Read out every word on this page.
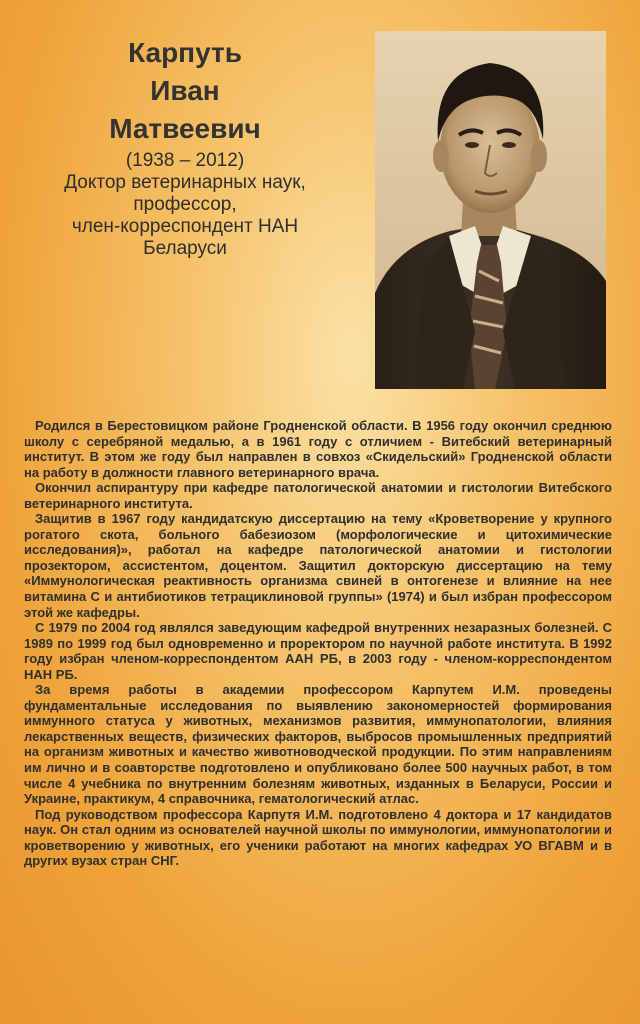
Карпуть
Иван
Матвеевич
(1938 – 2012)
Доктор ветеринарных наук,
профессор,
член-корреспондент НАН
Беларуси

Родился в Берестовицком районе Гродненской области. В 1956 году окончил среднюю школу с серебряной медалью, а в 1961 году с отличием - Витебский ветеринарный институт. В этом же году был направлен в совхоз «Скидельский» Гродненской области на работу в должности главного ветеринарного врача.

Окончил аспирантуру при кафедре патологической анатомии и гистологии Витебского ветеринарного института.

Защитив в 1967 году кандидатскую диссертацию на тему «Кроветворение у крупного рогатого скота, больного бабезиозом (морфологические и цитохимические исследования)», работал на кафедре патологической анатомии и гистологии прозектором, ассистентом, доцентом. Защитил докторскую диссертацию на тему «Иммунологическая реактивность организма свиней в онтогенезе и влияние на нее витамина С и антибиотиков тетрациклиновой группы» (1974) и был избран профессором этой же кафедры.

С 1979 по 2004 год являлся заведующим кафедрой внутренних незаразных болезней. С 1989 по 1999 год был одновременно и проректором по научной работе института. В 1992 году избран членом-корреспондентом ААН РБ, в 2003 году - членом-корреспондентом НАН РБ.

За время работы в академии профессором Карпутем И.М. проведены фундаментальные исследования по выявлению закономерностей формирования иммунного статуса у животных, механизмов развития, иммунопатологии, влияния лекарственных веществ, физических факторов, выбросов промышленных предприятий на организм животных и качество животноводческой продукции. По этим направлениям им лично и в соавторстве подготовлено и опубликовано более 500 научных работ, в том числе 4 учебника по внутренним болезням животных, изданных в Беларуси, России и Украине, практикум, 4 справочника, гематологический атлас.

Под руководством профессора Карпутя И.М. подготовлено 4 доктора и 17 кандидатов наук. Он стал одним из основателей научной школы по иммунологии, иммунопатологии и кроветворению у животных, его ученики работают на многих кафедрах УО ВГАВМ и в других вузах стран СНГ.
